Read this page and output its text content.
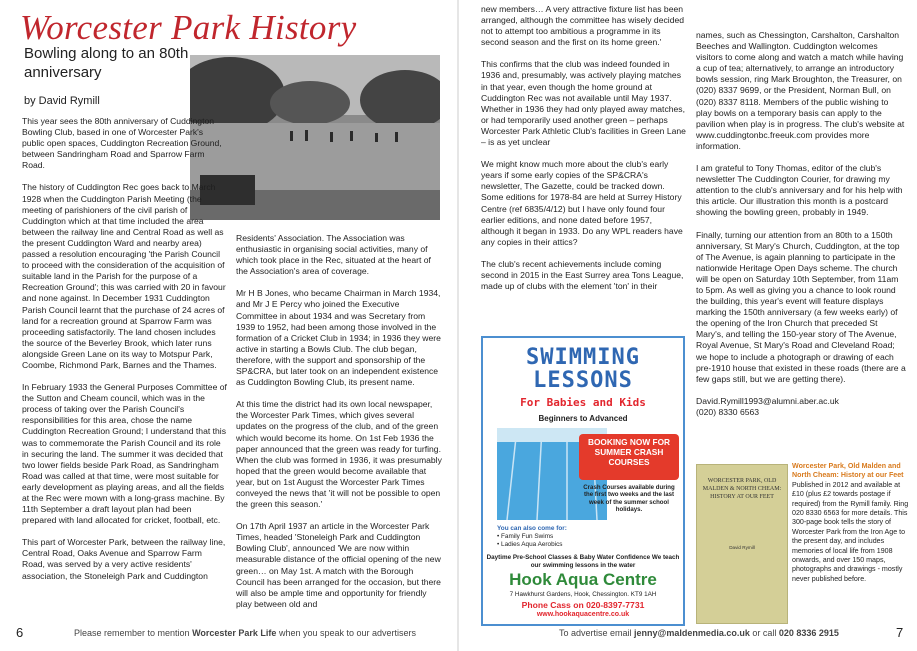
Worcester Park History
Bowling along to an 80th anniversary
by David Rymill

This year sees the 80th anniversary of Cuddington Bowling Club, based in one of Worcester Park's public open spaces, Cuddington Recreation Ground, between Sandringham Road and Sparrow Farm Road.

The history of Cuddington Rec goes back to March 1928 when the Cuddington Parish Meeting (the meeting of parishioners of the civil parish of Cuddington which at that time included the area between the railway line and Central Road as well as the present Cuddington Ward and nearby area) passed a resolution encouraging 'the Parish Council to proceed with the consideration of the acquisition of suitable land in the Parish for the purpose of a Recreation Ground'; this was carried with 20 in favour and none against. In December 1931 Cuddington Parish Council learnt that the purchase of 24 acres of land for a recreation ground at Sparrow Farm was proceeding satisfactorily. The land chosen includes the source of the Beverley Brook, which later runs alongside Green Lane on its way to Motspur Park, Coombe, Richmond Park, Barnes and the Thames.

In February 1933 the General Purposes Committee of the Sutton and Cheam council, which was in the process of taking over the Parish Council's responsibilities for this area, chose the name Cuddington Recreation Ground; I understand that this was to commemorate the Parish Council and its role in securing the land. The summer it was decided that two lower fields beside Park Road, as Sandringham Road was called at that time, were most suitable for early development as playing areas, and all the fields at the Rec were mown with a long-grass machine. By 11th September a draft layout plan had been prepared with land allocated for cricket, football, etc.

This part of Worcester Park, between the railway line, Central Road, Oaks Avenue and Sparrow Farm Road, was served by a very active residents' association, the Stoneleigh Park and Cuddington

Residents' Association. The Association was enthusiastic in organising social activities, many of which took place in the Rec, situated at the heart of the Association's area of coverage.

Mr H B Jones, who became Chairman in March 1934, and Mr J E Percy who joined the Executive Committee in about 1934 and was Secretary from 1939 to 1952, had been among those involved in the formation of a Cricket Club in 1934; in 1936 they were active in starting a Bowls Club. The club began, therefore, with the support and sponsorship of the SP&CRA, but later took on an independent existence as Cuddington Bowling Club, its present name.

At this time the district had its own local newspaper, the Worcester Park Times, which gives several updates on the progress of the club, and of the green which would become its home. On 1st Feb 1936 the paper announced that the green was ready for turfing. When the club was formed in 1936, it was presumably hoped that the green would become available that year, but on 1st August the Worcester Park Times conveyed the news that 'it will not be possible to open the green this season.'

On 17th April 1937 an article in the Worcester Park Times, headed 'Stoneleigh Park and Cuddington Bowling Club', announced 'We are now within measurable distance of the official opening of the new green… on May 1st. A match with the Borough Council has been arranged for the occasion, but there will also be ample time and opportunity for friendly play between old and

6	Please remember to mention Worcester Park Life when you speak to our advertisers

new members… A very attractive fixture list has been arranged, although the committee has wisely decided not to attempt too ambitious a programme in its second season and the first on its home green.'

This confirms that the club was indeed founded in 1936 and, presumably, was actively playing matches in that year, even though the home ground at Cuddington Rec was not available until May 1937. Whether in 1936 they had only played away matches, or had temporarily used another green – perhaps Worcester Park Athletic Club's facilities in Green Lane – is as yet unclear

We might know much more about the club's early years if some early copies of the SP&CRA's newsletter, The Gazette, could be tracked down. Some editions for 1978-84 are held at Surrey History Centre (ref 6835/4/12) but I have only found four earlier editions, and none dated before 1957, although it began in 1933. Do any WPL readers have any copies in their attics?

The club's recent achievements include coming second in 2015 in the East Surrey area Tons League, made up of clubs with the element 'ton' in their

names, such as Chessington, Carshalton, Carshalton Beeches and Wallington. Cuddington welcomes visitors to come along and watch a match while having a cup of tea; alternatively, to arrange an introductory bowls session, ring Mark Broughton, the Treasurer, on (020) 8337 9699, or the President, Norman Bull, on (020) 8337 8118. Members of the public wishing to play bowls on a temporary basis can apply to the pavilion when play is in progress. The club's website at www.cuddingtonbc.freeuk.com provides more information.

I am grateful to Tony Thomas, editor of the club's newsletter The Cuddington Courier, for drawing my attention to the club's anniversary and for his help with this article. Our illustration this month is a postcard showing the bowling green, probably in 1949.

Finally, turning our attention from an 80th to a 150th anniversary, St Mary's Church, Cuddington, at the top of The Avenue, is again planning to participate in the nationwide Heritage Open Days scheme. The church will be open on Saturday 10th September, from 11am to 5pm. As well as giving you a chance to look round the building, this year's event will feature displays marking the 150th anniversary (a few weeks early) of the opening of the Iron Church that preceded St Mary's, and telling the 150-year story of The Avenue, Royal Avenue, St Mary's Road and Cleveland Road; we hope to include a photograph or drawing of each pre-1910 house that existed in these roads (there are a few gaps still, but we are getting there).

David.Rymill1993@alumni.aber.ac.uk
(020) 8330 6563

SWIMMING LESSONS
For Babies and Kids
Beginners to Advanced
BOOKING NOW FOR SUMMER CRASH COURSES
Crash Courses available during the first two weeks and the last week of the summer school holidays.
You can also come for:
• Family Fun Swims
• Ladies Aqua Aerobics
Daytime Pre-School Classes & Baby Water Confidence We teach our swimming lessons in the water
Hook Aqua Centre
7 Hawkhurst Gardens, Hook, Chessington. KT9 1AH
Phone Cass on 020-8397-7731
www.hookaquacentre.co.uk
WORCESTER PARK, OLD MALDEN & NORTH CHEAM: HISTORY AT OUR FEET
David Rymill
Worcester Park, Old Malden and North Cheam: History at our Feet Published in 2012 and available at £10 (plus £2 towards postage if required) from the Rymill family. Ring 020 8330 6563 for more details. This 300-page book tells the story of Worcester Park from the Iron Age to the present day, and includes memories of local life from 1908 onwards, and over 150 maps, photographs and drawings - mostly never published before.
To advertise email jenny@maldenmedia.co.uk or call 020 8336 2915	7
